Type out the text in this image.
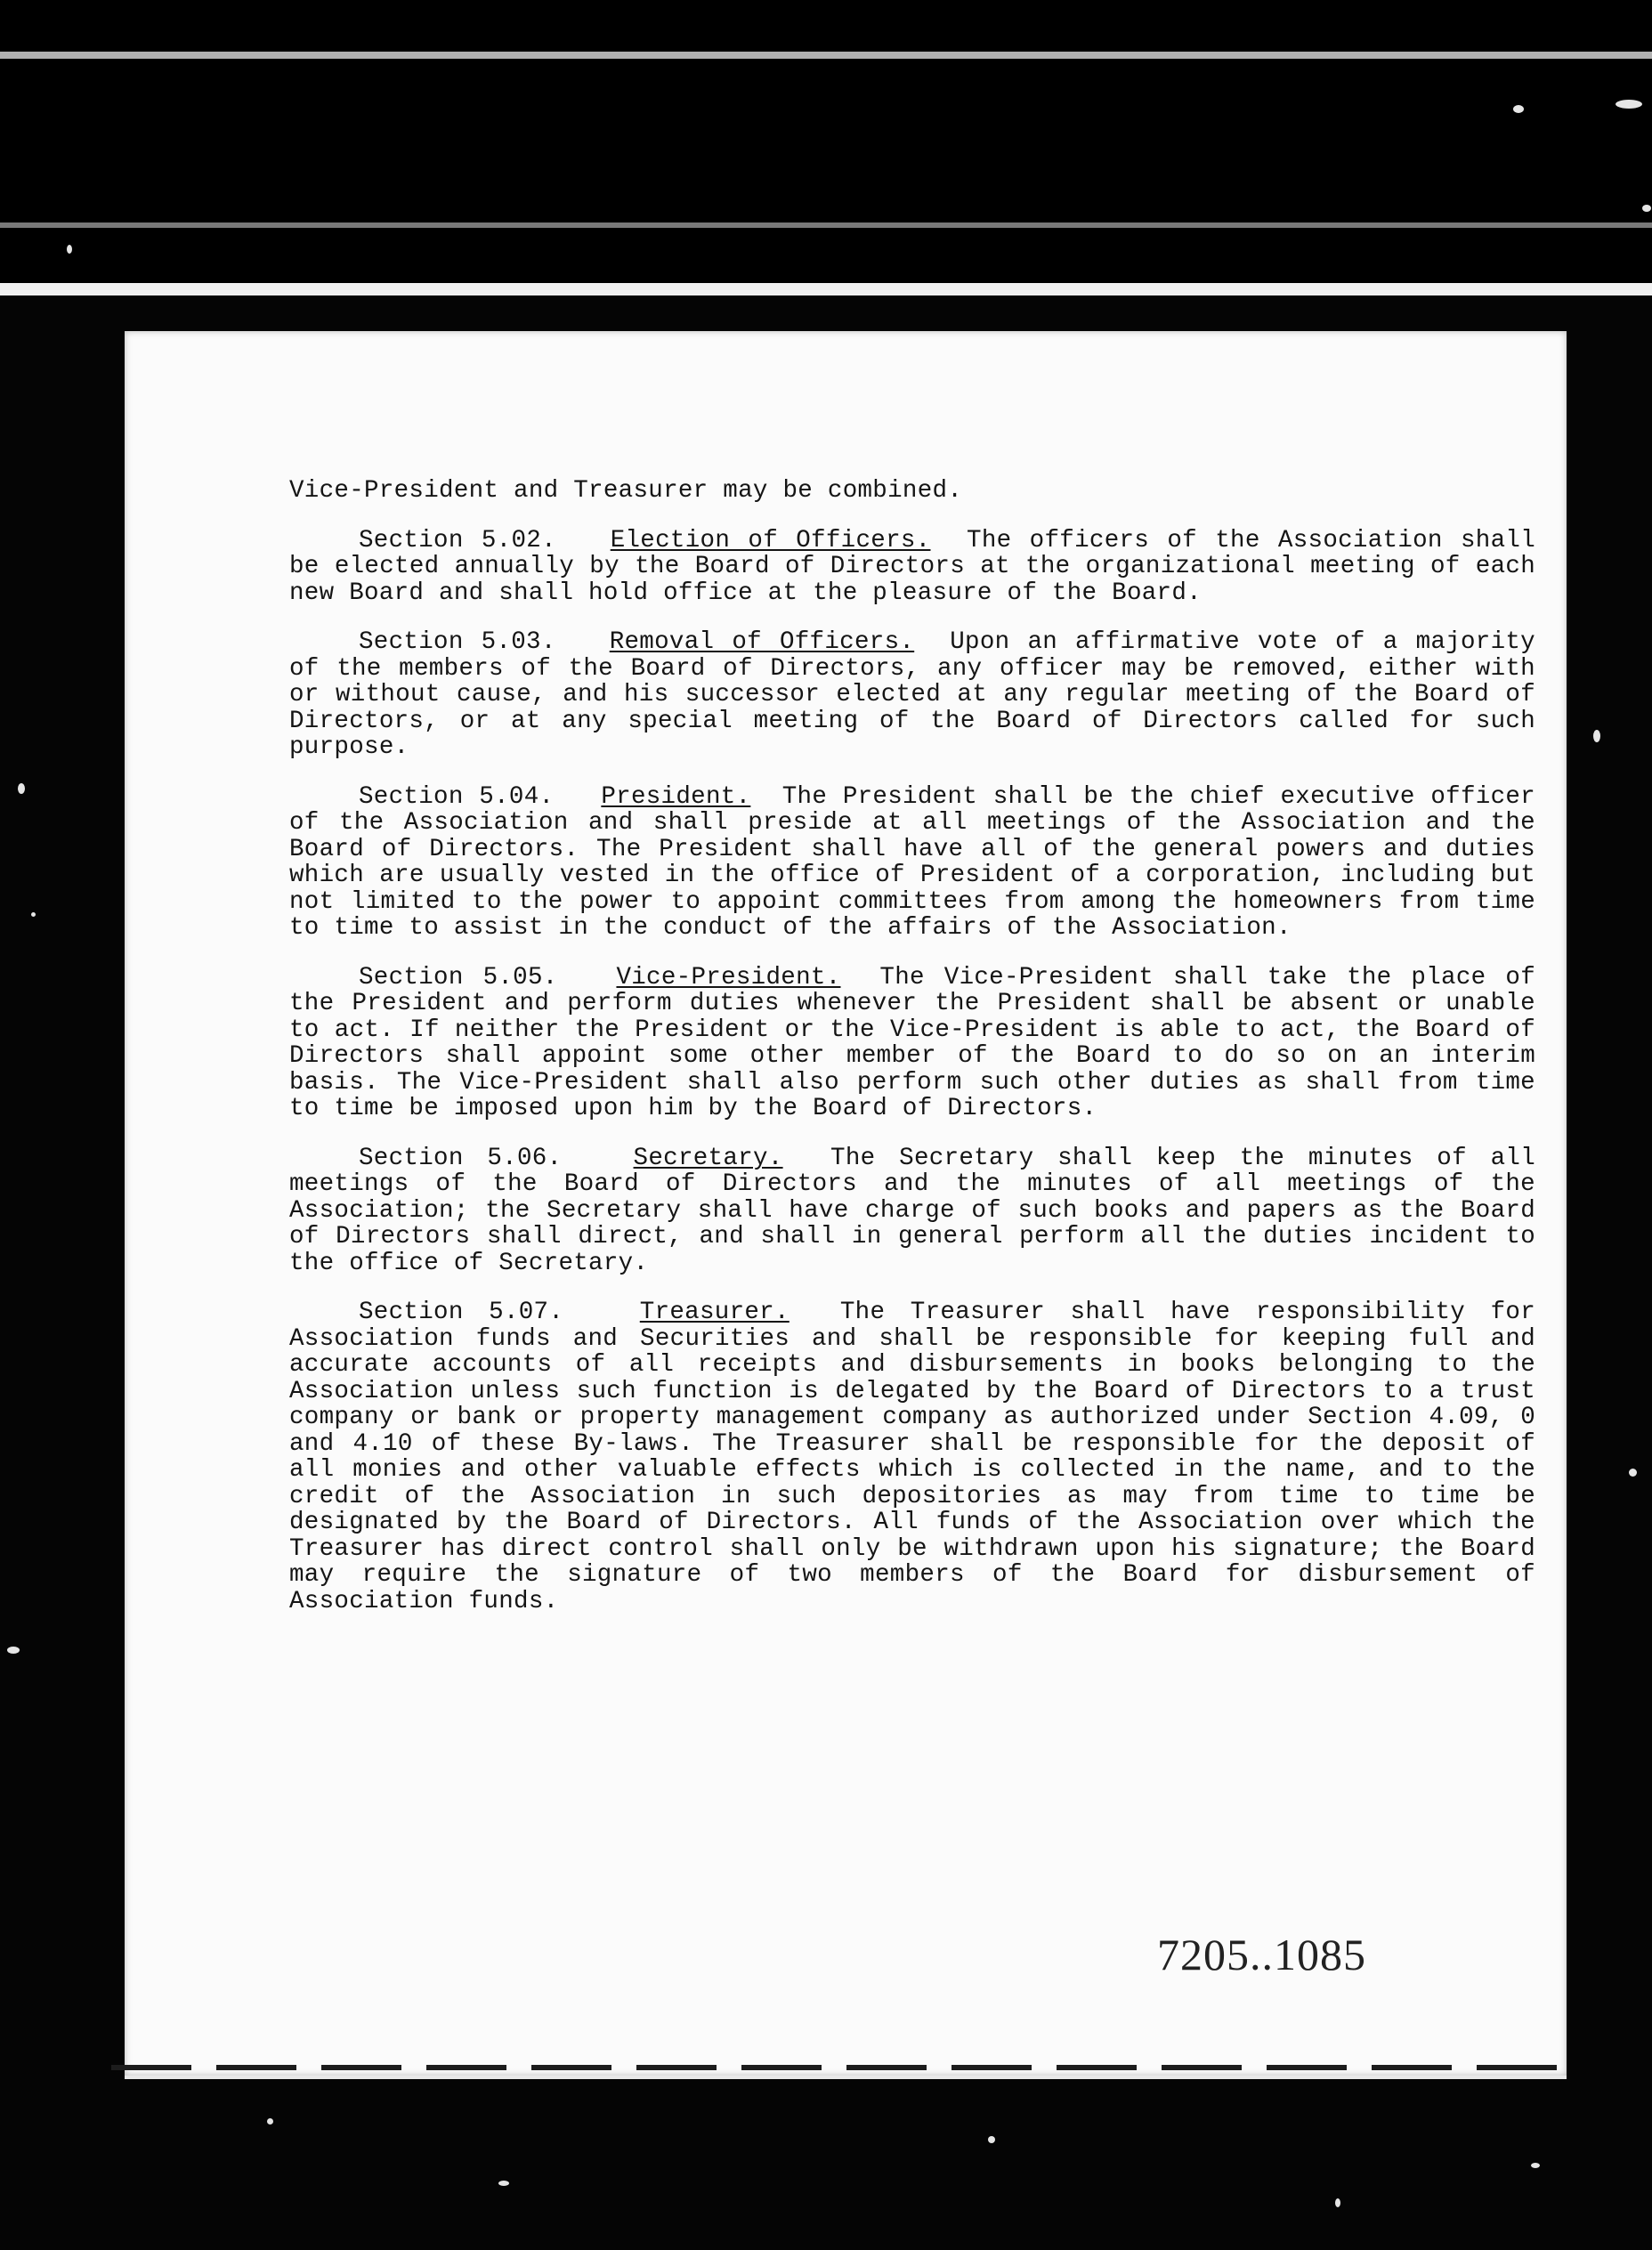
Vice-President and Treasurer may be combined.

Section 5.02. Election of Officers. The officers of the Association shall be elected annually by the Board of Directors at the organizational meeting of each new Board and shall hold office at the pleasure of the Board.

Section 5.03. Removal of Officers. Upon an affirmative vote of a majority of the members of the Board of Directors, any officer may be removed, either with or without cause, and his successor elected at any regular meeting of the Board of Directors, or at any special meeting of the Board of Directors called for such purpose.

Section 5.04. President. The President shall be the chief executive officer of the Association and shall preside at all meetings of the Association and the Board of Directors. The President shall have all of the general powers and duties which are usually vested in the office of President of a corporation, including but not limited to the power to appoint committees from among the homeowners from time to time to assist in the conduct of the affairs of the Association.

Section 5.05. Vice-President. The Vice-President shall take the place of the President and perform duties whenever the President shall be absent or unable to act. If neither the President or the Vice-President is able to act, the Board of Directors shall appoint some other member of the Board to do so on an interim basis. The Vice-President shall also perform such other duties as shall from time to time be imposed upon him by the Board of Directors.

Section 5.06.	Secretary. The Secretary shall keep the minutes of all meetings of the Board of Directors and the minutes of all meetings of the Association; the Secretary shall have charge of such books and papers as the Board of Directors shall direct, and shall in general perform all the duties incident to the office of Secretary.

Section 5.07.	Treasurer. The Treasurer shall have responsibility for Association funds and Securities and shall be responsible for keeping full and accurate accounts of all receipts and disbursements in books belonging to the Association unless such function is delegated by the Board of Directors to a trust company or bank or property management company as authorized under Section 4.09, 0 and 4.10 of these By-laws. The Treasurer shall be responsible for the deposit of all monies and other valuable effects which is collected in the name, and to the credit of the Association in such depositories as may from time to time be designated by the Board of Directors. All funds of the Association over which the Treasurer has direct control shall only be withdrawn upon his signature; the Board may require the signature of two members of the Board for disbursement of Association funds.

7205..1085
